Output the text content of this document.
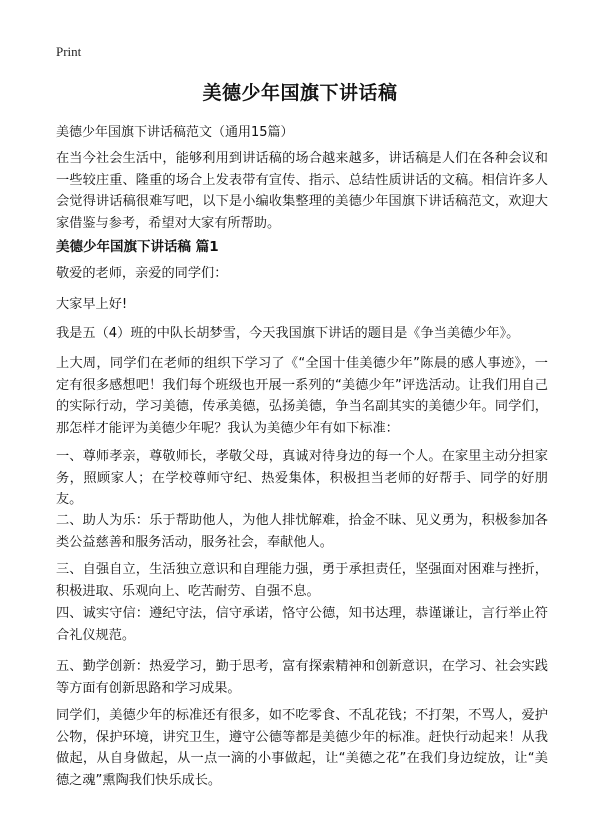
Print
美德少年国旗下讲话稿
美德少年国旗下讲话稿范文（通用15篇）
在当今社会生活中，能够利用到讲话稿的场合越来越多，讲话稿是人们在各种会议和一些较庄重、隆重的场合上发表带有宣传、指示、总结性质讲话的文稿。相信许多人会觉得讲话稿很难写吧，以下是小编收集整理的美德少年国旗下讲话稿范文，欢迎大家借鉴与参考，希望对大家有所帮助。
美德少年国旗下讲话稿 篇1
敬爱的老师，亲爱的同学们：
大家早上好!
我是五（4）班的中队长胡梦雪，今天我国旗下讲话的题目是《争当美德少年》。
上大周，同学们在老师的组织下学习了《“全国十佳美德少年”陈晨的感人事迹》，一定有很多感想吧！我们每个班级也开展一系列的“美德少年”评选活动。让我们用自己的实际行动，学习美德，传承美德，弘扬美德，争当名副其实的美德少年。同学们，那怎样才能评为美德少年呢？我认为美德少年有如下标准：
一、尊师孝亲，尊敬师长，孝敬父母，真诚对待身边的每一个人。在家里主动分担家务，照顾家人；在学校尊师守纪、热爱集体，积极担当老师的好帮手、同学的好朋友。
二、助人为乐：乐于帮助他人，为他人排忧解难，拾金不昧、见义勇为，积极参加各类公益慈善和服务活动，服务社会，奉献他人。
三、自强自立，生活独立意识和自理能力强，勇于承担责任，坚强面对困难与挫折，积极进取、乐观向上、吃苦耐劳、自强不息。
四、诚实守信：遵纪守法，信守承诺，恪守公德，知书达理，恭谨谦让，言行举止符合礼仪规范。
五、勤学创新：热爱学习，勤于思考，富有探索精神和创新意识，在学习、社会实践等方面有创新思路和学习成果。
同学们，美德少年的标准还有很多，如不吃零食、不乱花钱；不打架，不骂人，爱护公物，保护环境，讲究卫生，遵守公德等都是美德少年的标准。赶快行动起来！从我做起，从自身做起，从一点一滴的小事做起，让“美德之花”在我们身边绽放，让“美德之魂”熏陶我们快乐成长。
